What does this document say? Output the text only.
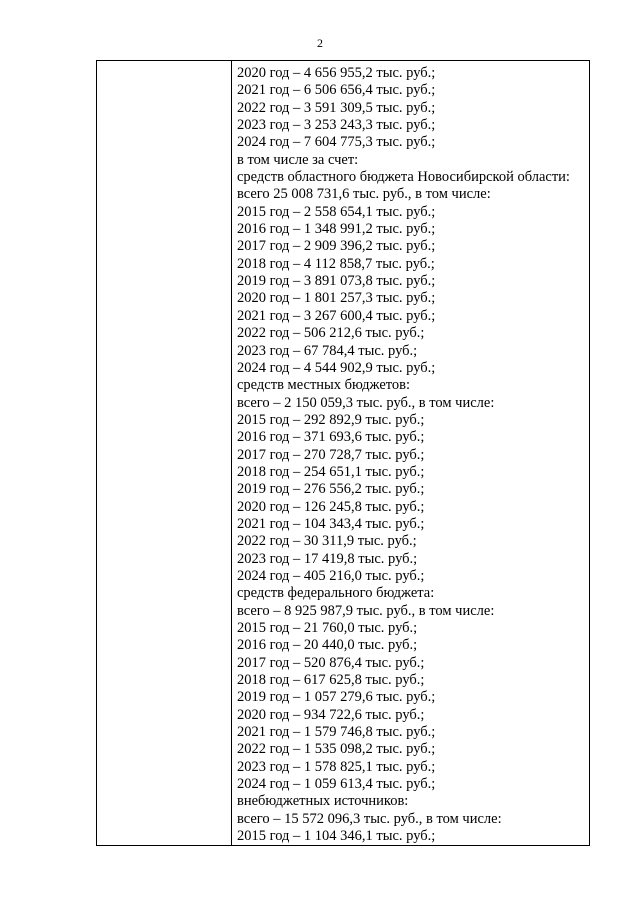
2
2020 год – 4 656 955,2 тыс. руб.;
2021 год – 6 506 656,4 тыс. руб.;
2022 год – 3 591 309,5 тыс. руб.;
2023 год – 3 253 243,3 тыс. руб.;
2024 год – 7 604 775,3 тыс. руб.;
в том числе за счет:
средств областного бюджета Новосибирской области:
всего 25 008 731,6 тыс. руб., в том числе:
2015 год – 2 558 654,1 тыс. руб.;
2016 год – 1 348 991,2 тыс. руб.;
2017 год – 2 909 396,2 тыс. руб.;
2018 год – 4 112 858,7 тыс. руб.;
2019 год – 3 891 073,8 тыс. руб.;
2020 год – 1 801 257,3 тыс. руб.;
2021 год – 3 267 600,4 тыс. руб.;
2022 год – 506 212,6 тыс. руб.;
2023 год – 67 784,4 тыс. руб.;
2024 год – 4 544 902,9 тыс. руб.;
средств местных бюджетов:
всего – 2 150 059,3 тыс. руб., в том числе:
2015 год – 292 892,9 тыс. руб.;
2016 год – 371 693,6 тыс. руб.;
2017 год – 270 728,7 тыс. руб.;
2018 год – 254 651,1 тыс. руб.;
2019 год – 276 556,2 тыс. руб.;
2020 год – 126 245,8 тыс. руб.;
2021 год – 104 343,4 тыс. руб.;
2022 год – 30 311,9 тыс. руб.;
2023 год – 17 419,8 тыс. руб.;
2024 год – 405 216,0 тыс. руб.;
средств федерального бюджета:
всего – 8 925 987,9 тыс. руб., в том числе:
2015 год – 21 760,0 тыс. руб.;
2016 год – 20 440,0 тыс. руб.;
2017 год – 520 876,4 тыс. руб.;
2018 год – 617 625,8 тыс. руб.;
2019 год – 1 057 279,6 тыс. руб.;
2020 год – 934 722,6 тыс. руб.;
2021 год – 1 579 746,8 тыс. руб.;
2022 год – 1 535 098,2 тыс. руб.;
2023 год – 1 578 825,1 тыс. руб.;
2024 год – 1 059 613,4 тыс. руб.;
внебюджетных источников:
всего – 15 572 096,3 тыс. руб., в том числе:
2015 год – 1 104 346,1 тыс. руб.;
